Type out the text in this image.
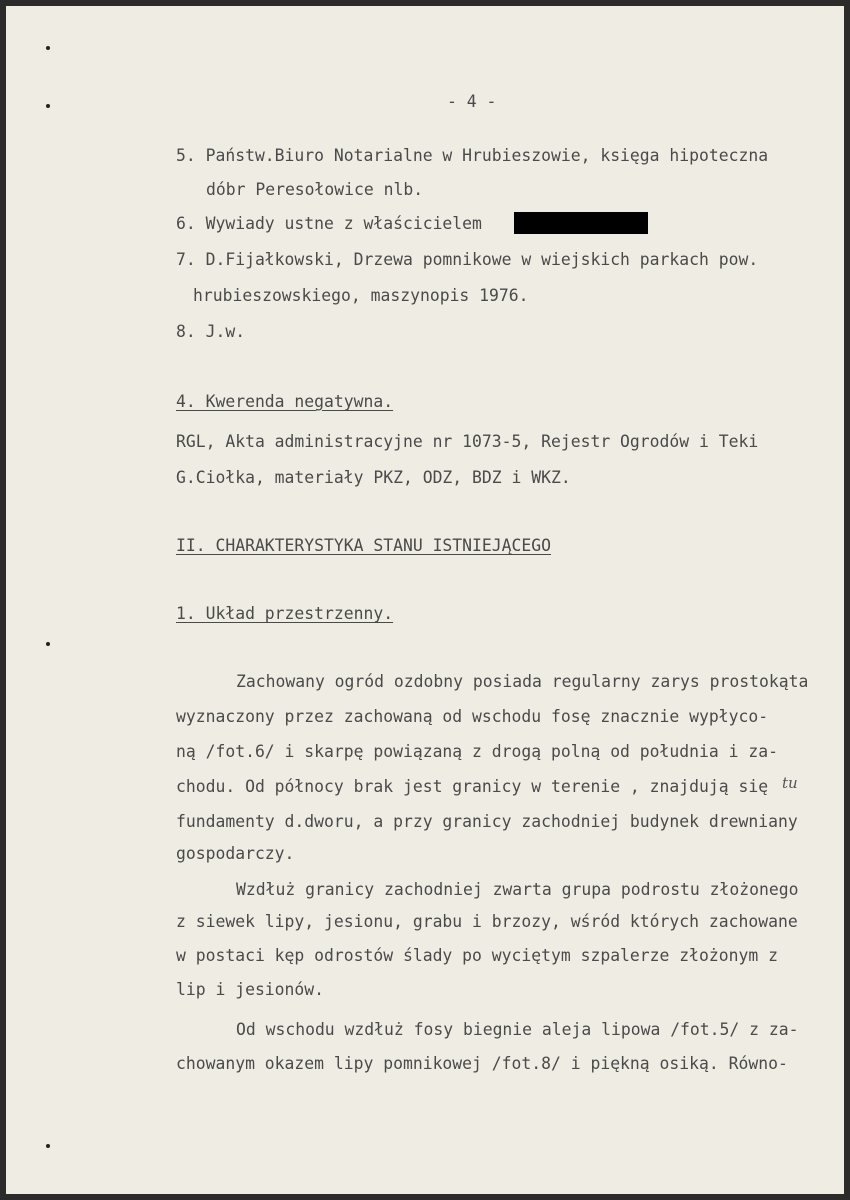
- 4 -
5. Państw.Biuro Notarialne w Hrubieszowie, księga hipoteczna
dóbr Peresołowice nlb.
6. Wywiady ustne z właścicielem
7. D.Fijałkowski, Drzewa pomnikowe w wiejskich parkach pow.
hrubieszowskiego, maszynopis 1976.
8. J.w.
4. Kwerenda negatywna.
RGL, Akta administracyjne nr 1073-5, Rejestr Ogrodów i Teki
G.Ciołka, materiały PKZ, ODZ, BDZ i WKZ.
II. CHARAKTERYSTYKA STANU ISTNIEJĄCEGO
1. Układ przestrzenny.
Zachowany ogród ozdobny posiada regularny zarys prostokąta
wyznaczony przez zachowaną od wschodu fosę znacznie wypłyco-
ną /fot.6/ i skarpę powiązaną z drogą polną od południa i za-
chodu. Od północy brak jest granicy w terenie , znajdują się tu
fundamenty d.dworu, a przy granicy zachodniej budynek drewniany
gospodarczy.
Wzdłuż granicy zachodniej zwarta grupa podrostu złożonego
z siewek lipy, jesionu, grabu i brzozy, wśród których zachowane
w postaci kęp odrostów ślady po wyciętym szpalerze złożonym z
lip i jesionów.
Od wschodu wzdłuż fosy biegnie aleja lipowa /fot.5/ z za-
chowanym okazem lipy pomnikowej /fot.8/ i piękną osiką. Równo-
